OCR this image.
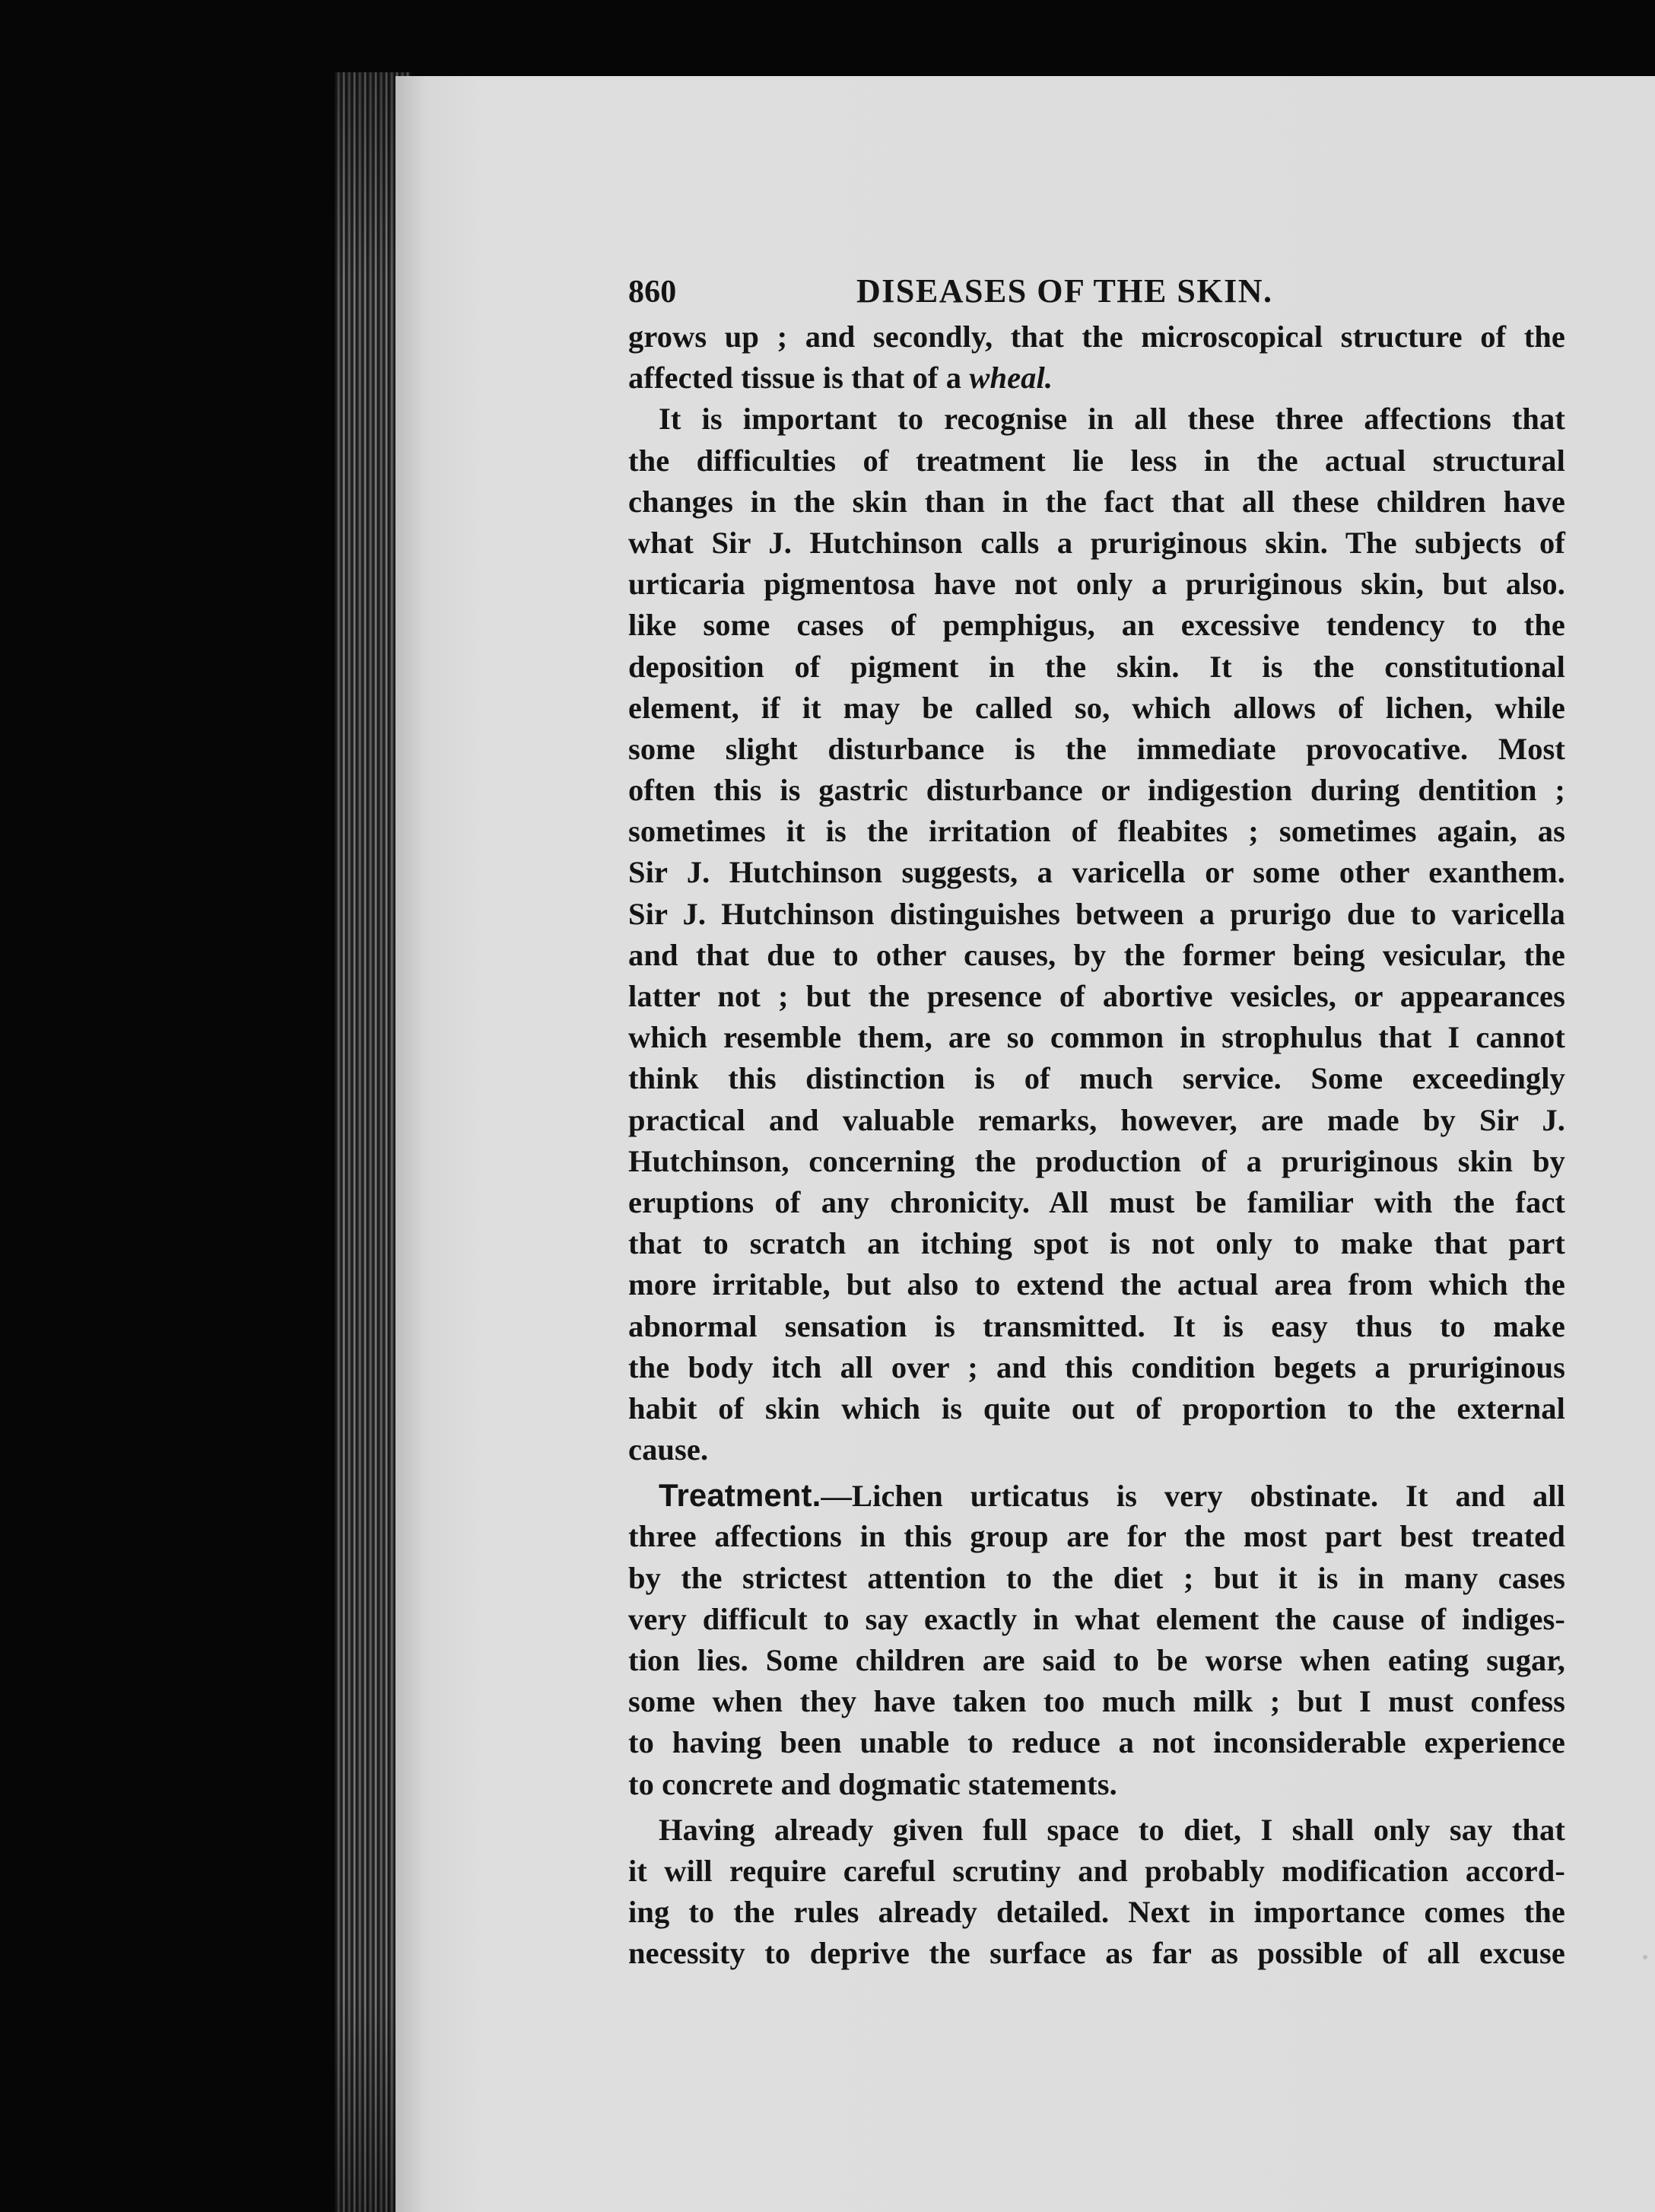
860	DISEASES OF THE SKIN.
grows up ; and secondly, that the microscopical structure of the
affected tissue is that of a wheal.
It is important to recognise in all these three affections that
the difficulties of treatment lie less in the actual structural
changes in the skin than in the fact that all these children have
what Sir J. Hutchinson calls a pruriginous skin. The subjects of
urticaria pigmentosa have not only a pruriginous skin, but also.
like some cases of pemphigus, an excessive tendency to the
deposition of pigment in the skin. It is the constitutional
element, if it may be called so, which allows of lichen, while
some slight disturbance is the immediate provocative. Most
often this is gastric disturbance or indigestion during dentition ;
sometimes it is the irritation of fleabites ; sometimes again, as
Sir J. Hutchinson suggests, a varicella or some other exanthem.
Sir J. Hutchinson distinguishes between a prurigo due to varicella
and that due to other causes, by the former being vesicular, the
latter not ; but the presence of abortive vesicles, or appearances
which resemble them, are so common in strophulus that I cannot
think this distinction is of much service. Some exceedingly
practical and valuable remarks, however, are made by Sir J.
Hutchinson, concerning the production of a pruriginous skin by
eruptions of any chronicity. All must be familiar with the fact
that to scratch an itching spot is not only to make that part
more irritable, but also to extend the actual area from which the
abnormal sensation is transmitted. It is easy thus to make
the body itch all over ; and this condition begets a pruriginous
habit of skin which is quite out of proportion to the external
cause.
Treatment.—Lichen urticatus is very obstinate. It and all
three affections in this group are for the most part best treated
by the strictest attention to the diet ; but it is in many cases
very difficult to say exactly in what element the cause of indiges-
tion lies. Some children are said to be worse when eating sugar,
some when they have taken too much milk ; but I must confess
to having been unable to reduce a not inconsiderable experience
to concrete and dogmatic statements.
Having already given full space to diet, I shall only say that
it will require careful scrutiny and probably modification accord-
ing to the rules already detailed. Next in importance comes the
necessity to deprive the surface as far as possible of all excuse
